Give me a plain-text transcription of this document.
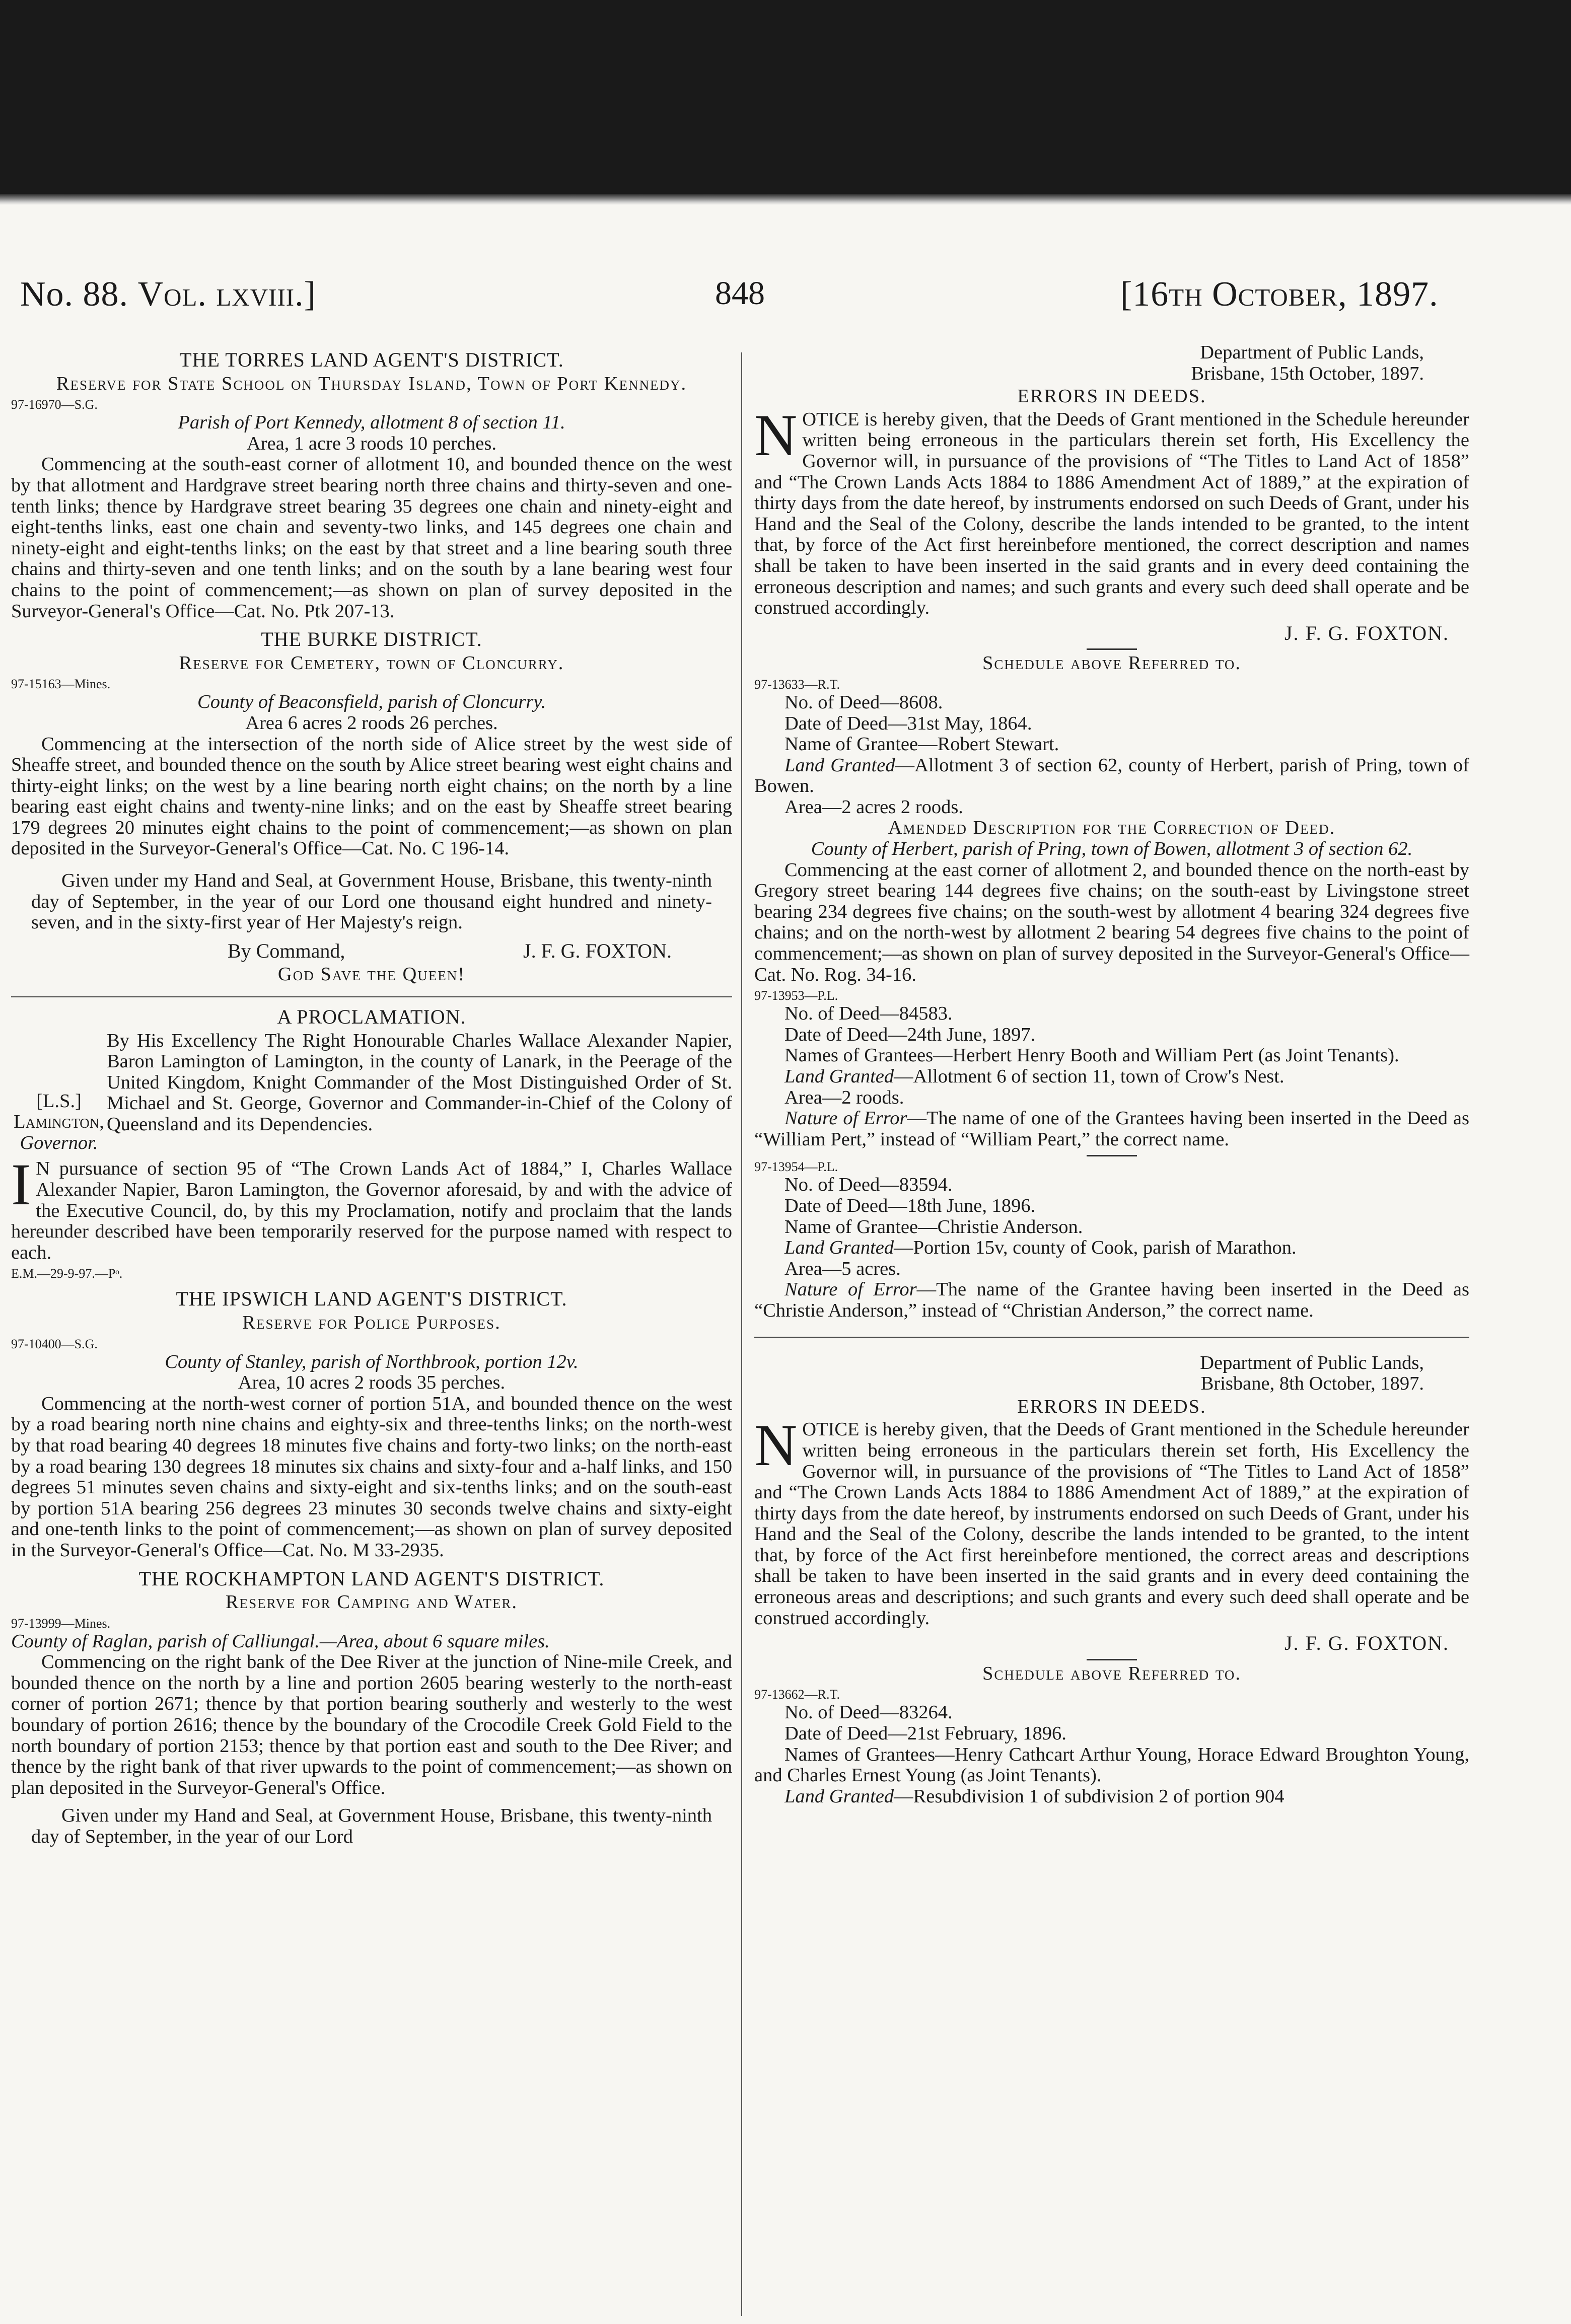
No. 88. Vol. lxviii.]	848	[16th October, 1897.
THE TORRES LAND AGENT'S DISTRICT.
Reserve for State School on Thursday Island, Town of Port Kennedy.
97-16970—S.G.
Parish of Port Kennedy, allotment 8 of section 11.
Area, 1 acre 3 roods 10 perches.

Commencing at the south-east corner of allotment 10, and bounded thence on the west by that allotment and Hardgrave street bearing north three chains and thirty-seven and one-tenth links; thence by Hardgrave street bearing 35 degrees one chain and ninety-eight and eight-tenths links, east one chain and seventy-two links, and 145 degrees one chain and ninety-eight and eight-tenths links; on the east by that street and a line bearing south three chains and thirty-seven and one tenth links; and on the south by a lane bearing west four chains to the point of commencement;—as shown on plan of survey deposited in the Surveyor-General's Office—Cat. No. Ptk 207-13.

THE BURKE DISTRICT.
Reserve for Cemetery, town of Cloncurry.
97-15163—Mines.
County of Beaconsfield, parish of Cloncurry.
Area 6 acres 2 roods 26 perches.

Commencing at the intersection of the north side of Alice street by the west side of Sheaffe street, and bounded thence on the south by Alice street bearing west eight chains and thirty-eight links; on the west by a line bearing north eight chains; on the north by a line bearing east eight chains and twenty-nine links; and on the east by Sheaffe street bearing 179 degrees 20 minutes eight chains to the point of commencement;—as shown on plan deposited in the Surveyor-General's Office—Cat. No. C 196-14.

Given under my Hand and Seal, at Government House, Brisbane, this twenty-ninth day of September, in the year of our Lord one thousand eight hundred and ninety-seven, and in the sixty-first year of Her Majesty's reign.

By Command,	J. F. G. FOXTON.
God Save the Queen!
A PROCLAMATION.
[L.S.]
Lamington,
Governor.
By His Excellency The Right Honourable Charles Wallace Alexander Napier, Baron Lamington of Lamington, in the county of Lanark, in the Peerage of the United Kingdom, Knight Commander of the Most Distinguished Order of St. Michael and St. George, Governor and Commander-in-Chief of the Colony of Queensland and its Dependencies.

I N pursuance of section 95 of “The Crown Lands Act of 1884,” I, Charles Wallace Alexander Napier, Baron Lamington, the Governor aforesaid, by and with the advice of the Executive Council, do, by this my Proclamation, notify and proclaim that the lands hereunder described have been temporarily reserved for the purpose named with respect to each.

E.M.—29-9-97.—Pᵒ.
THE IPSWICH LAND AGENT'S DISTRICT.
Reserve for Police Purposes.
97-10400—S.G.
County of Stanley, parish of Northbrook, portion 12v.
Area, 10 acres 2 roods 35 perches.

Commencing at the north-west corner of portion 51A, and bounded thence on the west by a road bearing north nine chains and eighty-six and three-tenths links; on the north-west by that road bearing 40 degrees 18 minutes five chains and forty-two links; on the north-east by a road bearing 130 degrees 18 minutes six chains and sixty-four and a-half links, and 150 degrees 51 minutes seven chains and sixty-eight and six-tenths links; and on the south-east by portion 51A bearing 256 degrees 23 minutes 30 seconds twelve chains and sixty-eight and one-tenth links to the point of commencement;—as shown on plan of survey deposited in the Surveyor-General's Office—Cat. No. M 33-2935.

THE ROCKHAMPTON LAND AGENT'S DISTRICT.
Reserve for Camping and Water.
97-13999—Mines.
County of Raglan, parish of Calliungal.—Area, about 6 square miles.

Commencing on the right bank of the Dee River at the junction of Nine-mile Creek, and bounded thence on the north by a line and portion 2605 bearing westerly to the north-east corner of portion 2671; thence by that portion bearing southerly and westerly to the west boundary of portion 2616; thence by the boundary of the Crocodile Creek Gold Field to the north boundary of portion 2153; thence by that portion east and south to the Dee River; and thence by the right bank of that river upwards to the point of commencement;—as shown on plan deposited in the Surveyor-General's Office.

Given under my Hand and Seal, at Government House, Brisbane, this twenty-ninth day of September, in the year of our Lord

Department of Public Lands,
Brisbane, 15th October, 1897.
ERRORS IN DEEDS.

NOTICE is hereby given, that the Deeds of Grant mentioned in the Schedule hereunder written being erroneous in the particulars therein set forth, His Excellency the Governor will, in pursuance of the provisions of “The Titles to Land Act of 1858” and “The Crown Lands Acts 1884 to 1886 Amendment Act of 1889,” at the expiration of thirty days from the date hereof, by instruments endorsed on such Deeds of Grant, under his Hand and the Seal of the Colony, describe the lands intended to be granted, to the intent that, by force of the Act first hereinbefore mentioned, the correct description and names shall be taken to have been inserted in the said grants and in every deed containing the erroneous description and names; and such grants and every such deed shall operate and be construed accordingly.

J. F. G. FOXTON.
Schedule above Referred to.
97-13633—R.T.
No. of Deed—8608.
Date of Deed—31st May, 1864.
Name of Grantee—Robert Stewart.

Land Granted—Allotment 3 of section 62, county of Herbert, parish of Pring, town of Bowen.

Area—2 acres 2 roods.
Amended Description for the Correction of Deed.
County of Herbert, parish of Pring, town of Bowen, allotment 3 of section 62.

Commencing at the east corner of allotment 2, and bounded thence on the north-east by Gregory street bearing 144 degrees five chains; on the south-east by Livingstone street bearing 234 degrees five chains; on the south-west by allotment 4 bearing 324 degrees five chains; and on the north-west by allotment 2 bearing 54 degrees five chains to the point of commencement;—as shown on plan of survey deposited in the Surveyor-General's Office—Cat. No. Rog. 34-16.

97-13953—P.L.
No. of Deed—84583.
Date of Deed—24th June, 1897.

Names of Grantees—Herbert Henry Booth and William Pert (as Joint Tenants).

Land Granted—Allotment 6 of section 11, town of Crow's Nest.

Area—2 roods.

Nature of Error—The name of one of the Grantees having been inserted in the Deed as “William Pert,” instead of “William Peart,” the correct name.

97-13954—P.L.
No. of Deed—83594.
Date of Deed—18th June, 1896.
Name of Grantee—Christie Anderson.

Land Granted—Portion 15v, county of Cook, parish of Marathon.

Area—5 acres.

Nature of Error—The name of the Grantee having been inserted in the Deed as “Christie Anderson,” instead of “Christian Anderson,” the correct name.

Department of Public Lands,
Brisbane, 8th October, 1897.
ERRORS IN DEEDS.

NOTICE is hereby given, that the Deeds of Grant mentioned in the Schedule hereunder written being erroneous in the particulars therein set forth, His Excellency the Governor will, in pursuance of the provisions of “The Titles to Land Act of 1858” and “The Crown Lands Acts 1884 to 1886 Amendment Act of 1889,” at the expiration of thirty days from the date hereof, by instruments endorsed on such Deeds of Grant, under his Hand and the Seal of the Colony, describe the lands intended to be granted, to the intent that, by force of the Act first hereinbefore mentioned, the correct areas and descriptions shall be taken to have been inserted in the said grants and in every deed containing the erroneous areas and descriptions; and such grants and every such deed shall operate and be construed accordingly.

J. F. G. FOXTON.
Schedule above Referred to.
97-13662—R.T.
No. of Deed—83264.
Date of Deed—21st February, 1896.

Names of Grantees—Henry Cathcart Arthur Young, Horace Edward Broughton Young, and Charles Ernest Young (as Joint Tenants).

Land Granted—Resubdivision 1 of subdivision 2 of portion 904
